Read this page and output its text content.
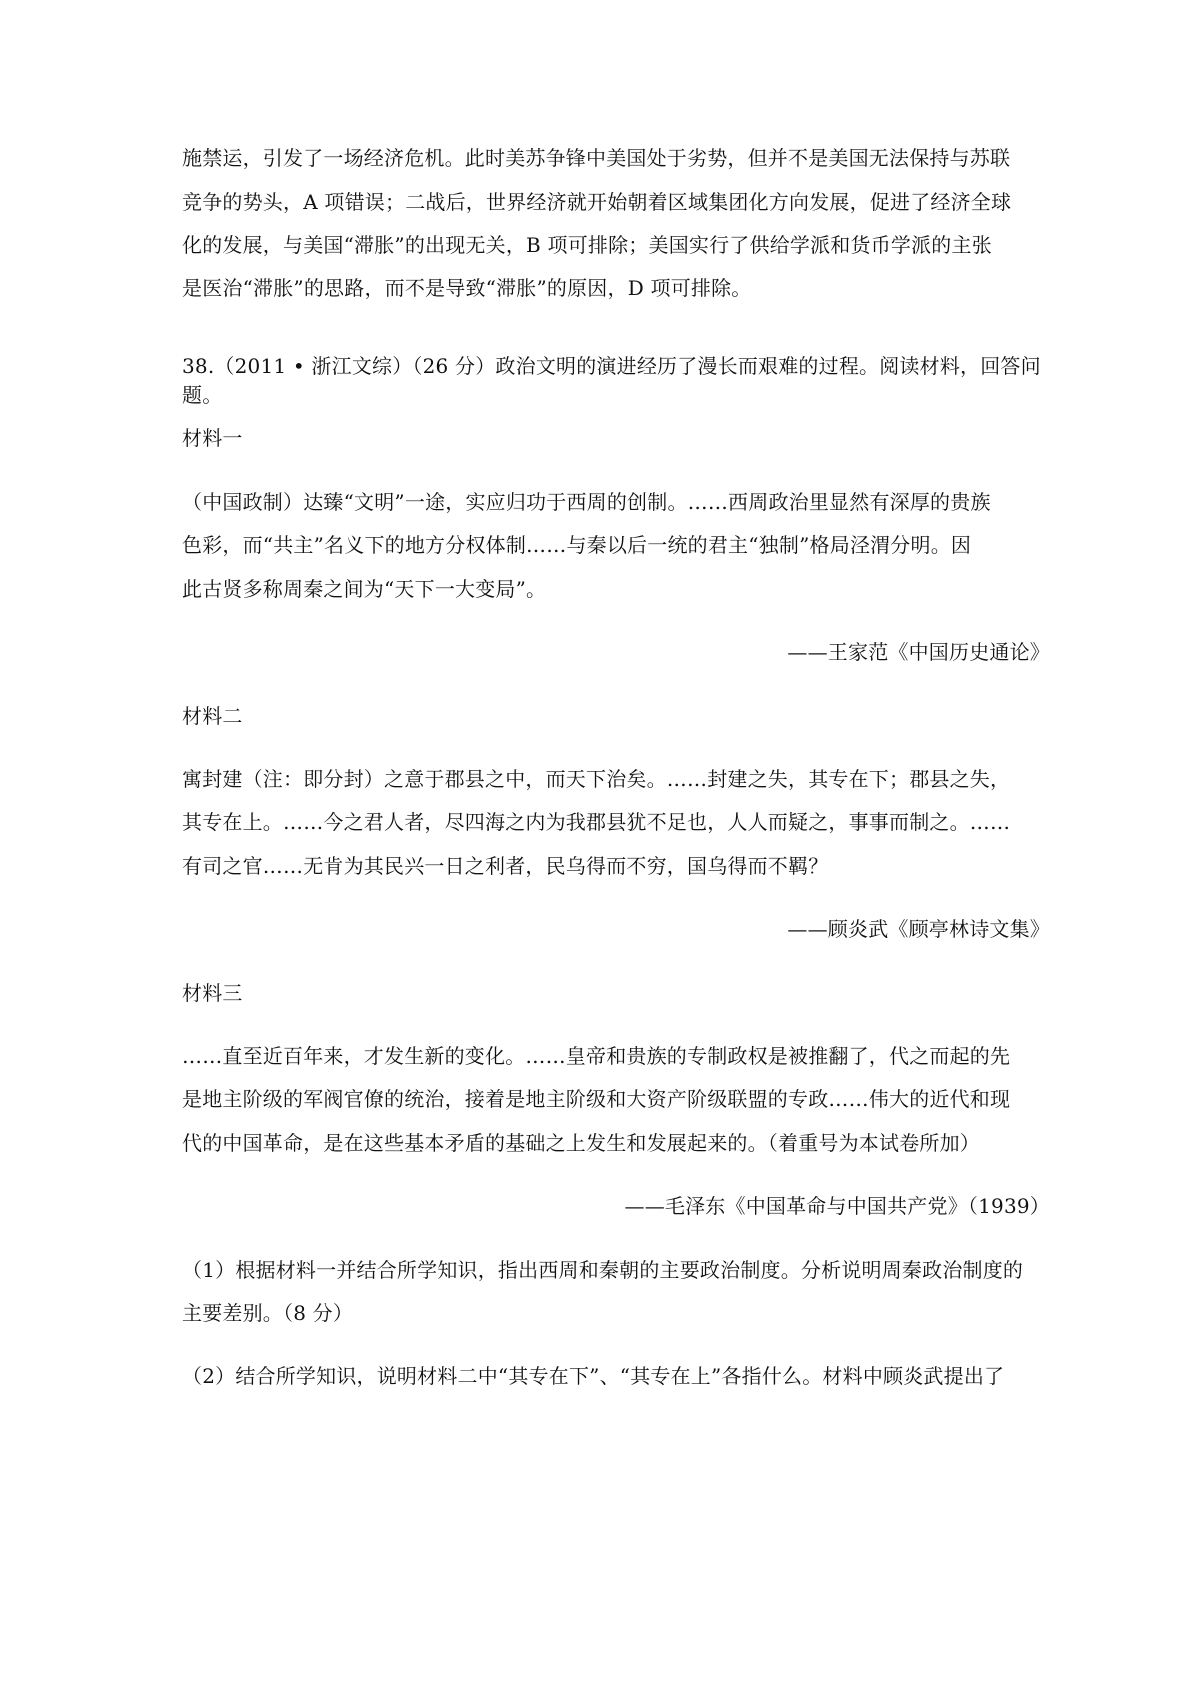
施禁运，引发了一场经济危机。此时美苏争锋中美国处于劣势，但并不是美国无法保持与苏联
竞争的势头，A 项错误；二战后，世界经济就开始朝着区域集团化方向发展，促进了经济全球
化的发展，与美国“滞胀”的出现无关，B 项可排除；美国实行了供给学派和货币学派的主张
是医治“滞胀”的思路，而不是导致“滞胀”的原因，D 项可排除。
38.（2011 • 浙江文综）（26 分）政治文明的演进经历了漫长而艰难的过程。阅读材料，回答问
题。
材料一
（中国政制）达臻“文明”一途，实应归功于西周的创制。……西周政治里显然有深厚的贵族
色彩，而“共主”名义下的地方分权体制……与秦以后一统的君主“独制”格局泾渭分明。因
此古贤多称周秦之间为“天下一大变局”。
——王家范《中国历史通论》
材料二
寓封建（注：即分封）之意于郡县之中，而天下治矣。……封建之失，其专在下；郡县之失，
其专在上。……今之君人者，尽四海之内为我郡县犹不足也，人人而疑之，事事而制之。……
有司之官……无肯为其民兴一日之利者，民乌得而不穷，国乌得而不羁？
——顾炎武《顾亭林诗文集》
材料三
……直至近百年来，才发生新的变化。……皇帝和贵族的专制政权是被推翻了，代之而起的先
是地主阶级的军阀官僚的统治，接着是地主阶级和大资产阶级联盟的专政……伟大的近代和现
代的中国革命，是在这些基本矛盾的基础之上发生和发展起来的。（着重号为本试卷所加）
——毛泽东《中国革命与中国共产党》（1939）
（1）根据材料一并结合所学知识，指出西周和秦朝的主要政治制度。分析说明周秦政治制度的
主要差别。（8 分）
（2）结合所学知识，说明材料二中“其专在下”、“其专在上”各指什么。材料中顾炎武提出了
